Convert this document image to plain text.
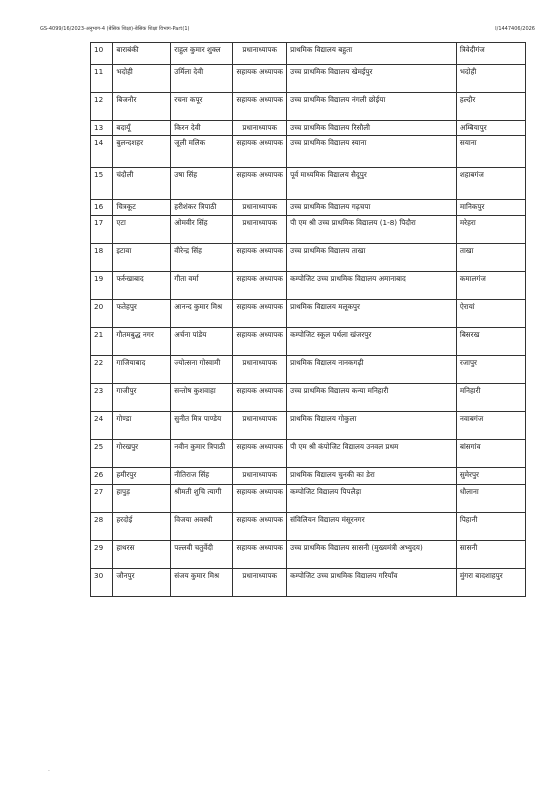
GS-4099/16/2023-अनुभाग-4 (बेसिक शिक्षा)-बेसिक शिक्षा विभाग-Part(1)	I/1447406/2026
10	बाराबंकी	राहुल कुमार शुक्ल	प्रधानाध्यापक	प्राथमिक विद्यालय बहुता	त्रिवेदीगंज
11	भदोही	उर्मिला देवी	सहायक अध्यापक	उच्च प्राथमिक विद्यालय खेमईपुर	भदोही
12	बिजनौर	रचना कपूर	सहायक अध्यापक	उच्च प्राथमिक विद्यालय नंगली छोईया	हल्दौर
13	बदायूँ	किरन देवी	प्रधानाध्यापक	उच्च प्राथमिक विद्यालय रिसौली	अम्बियापुर
14	बुलन्दशहर	जूली मलिक	सहायक अध्यापक	उच्च प्राथमिक विद्यालय स्याना	सयाना
15	चंदौली	उषा सिंह	सहायक अध्यापक	पूर्व माध्यमिक विद्यालय सैदूपुर	शहाबगंज
16	चित्रकूट	हरीशंकर त्रिपाठी	प्रधानाध्यापक	उच्च प्राथमिक विद्यालय गढ़चपा	मानिकपुर
17	एटा	ओमवीर सिंह	प्रधानाध्यापक	पी एम श्री उच्च प्राथमिक विद्यालय (1-8) पिदौरा	मरेहरा
18	इटावा	वीरेन्द्र सिंह	सहायक अध्यापक	उच्च प्राथमिक विद्यालय ताखा	ताखा
19	फर्रुखाबाद	गीता वर्मा	सहायक अध्यापक	कम्पोजिट उच्च प्राथमिक विद्यालय अमानाबाद	कमालगंज
20	फतेहपुर	आनन्द कुमार मिश्र	सहायक अध्यापक	प्राथमिक विद्यालय मलूकपुर	ऐरायां
21	गौतमबुद्ध नगर	अर्चना पांडेय	सहायक अध्यापक	कम्पोजिट स्कूल पर्थला खंजरपुर	बिसरख
22	गाजियाबाद	ज्योत्सना गोस्वामी	प्रधानाध्यापक	प्राथमिक विद्यालय नानकगढ़ी	रजापुर
23	गाजीपुर	सन्तोष कुशवाहा	सहायक अध्यापक	उच्च प्राथमिक विद्यालय कन्या मनिहारी	मनिहारी
24	गोण्डा	सुनीत मित्र पाण्डेय	प्रधानाध्यापक	प्राथमिक विद्यालय गोकुला	नवाबगंज
25	गोरखपुर	नवीन कुमार त्रिपाठी	सहायक अध्यापक	पी एम श्री कंपोजिट विद्यालय उनवल प्रथम	बांसगांव
26	हमीरपुर	नीतिराज सिंह	प्रधानाध्यापक	प्राथमिक विद्यालय चुनकी का डेरा	सुमेरपुर
27	हापुड़	श्रीमती शुचि त्यागी	सहायक अध्यापक	कम्पोजिट विद्यालय पिपलैड़ा	धौलाना
28	हरदोई	विजया अवस्थी	सहायक अध्यापक	संविलियन विद्यालय मंसूरनगर	पिहानी
29	हाथरस	पल्लवी चतुर्वेदी	सहायक अध्यापक	उच्च प्राथमिक विद्यालय सासनी (मुख्यमंत्री अभ्युदय)	सासनी
30	जौनपुर	संजय कुमार मिश्र	प्रधानाध्यापक	कम्पोजिट उच्च प्राथमिक विद्यालय गरियाँव	मुंगरा बादशाहपुर
·
